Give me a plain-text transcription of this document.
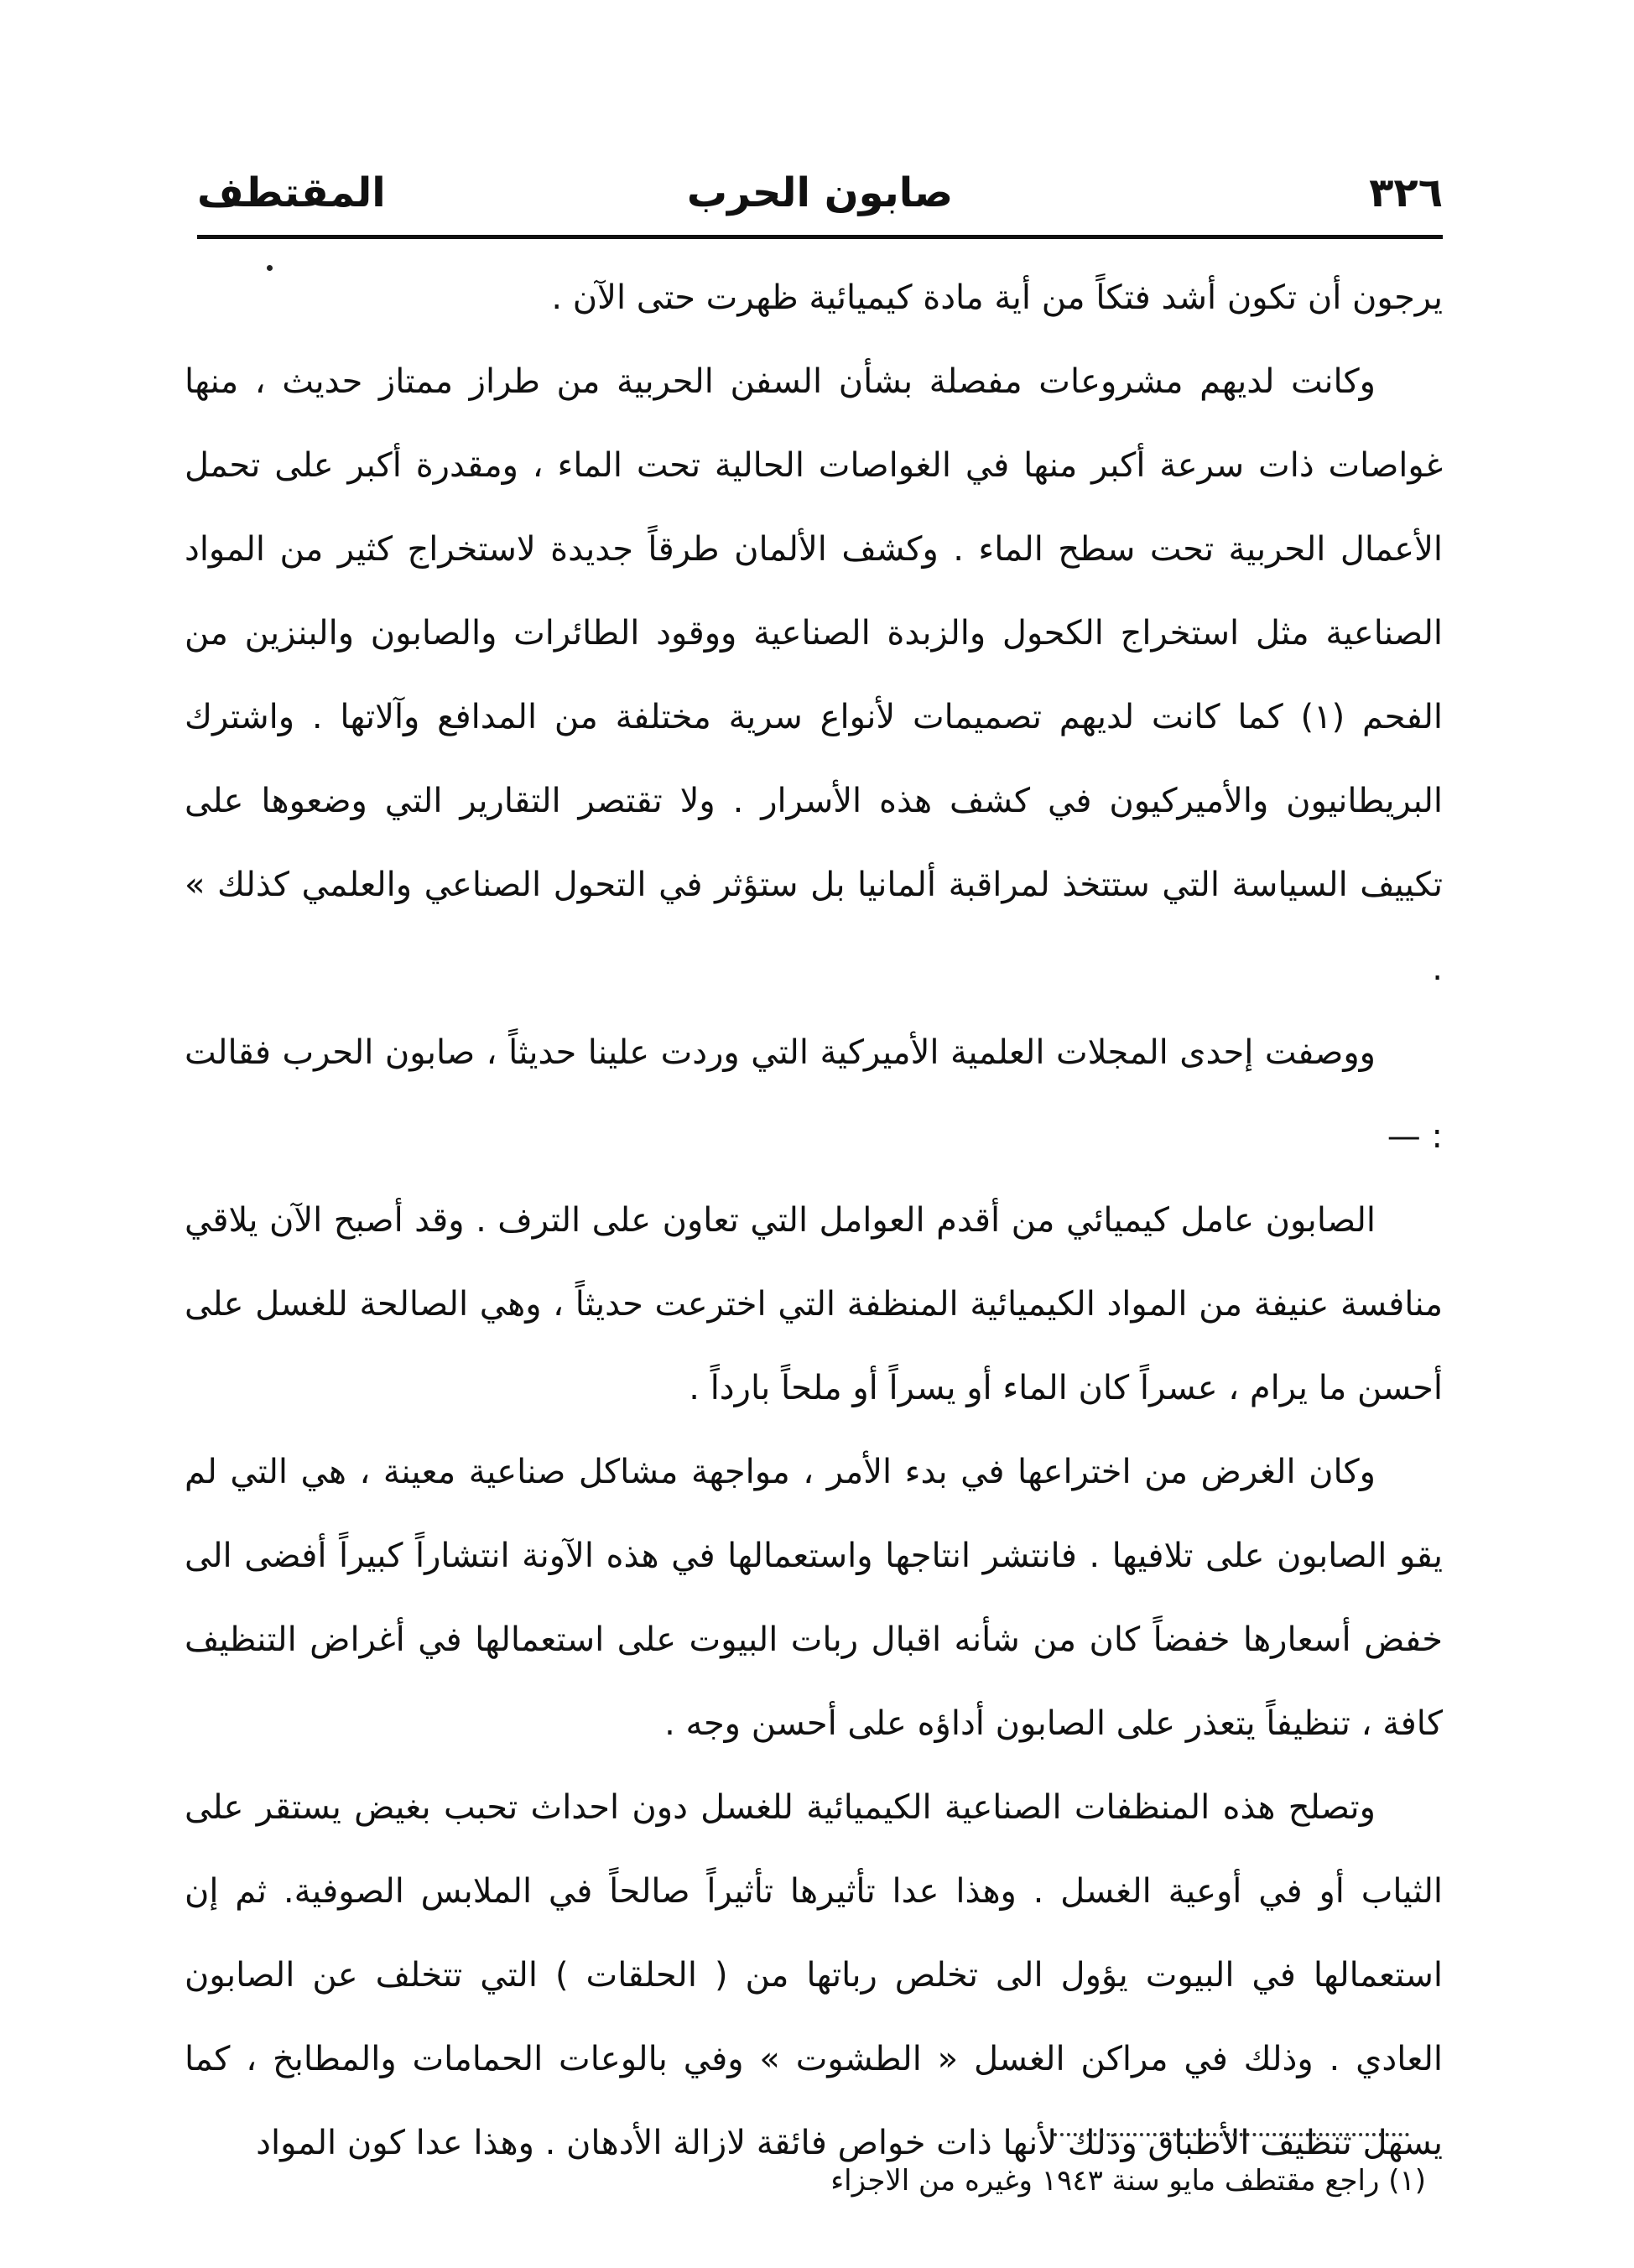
٣٢٦
صابون الحرب
المقتطف

يرجون أن تكون أشد فتكاً من أية مادة كيميائية ظهرت حتى الآن .

وكانت لديهم مشروعات مفصلة بشأن السفن الحربية من طراز ممتاز حديث ، منها غواصات ذات سرعة أكبر منها في الغواصات الحالية تحت الماء ، ومقدرة أكبر على تحمل الأعمال الحربية تحت سطح الماء . وكشف الألمان طرقاً جديدة لاستخراج كثير من المواد الصناعية مثل استخراج الكحول والزبدة الصناعية ووقود الطائرات والصابون والبنزين من الفحم (١) كما كانت لديهم تصميمات لأنواع سرية مختلفة من المدافع وآلاتها . واشترك البريطانيون والأميركيون في كشف هذه الأسرار . ولا تقتصر التقارير التي وضعوها على تكييف السياسة التي ستتخذ لمراقبة ألمانيا بل ستؤثر في التحول الصناعي والعلمي كذلك » .

ووصفت إحدى المجلات العلمية الأميركية التي وردت علينا حديثاً ، صابون الحرب فقالت : —

الصابون عامل كيميائي من أقدم العوامل التي تعاون على الترف . وقد أصبح الآن يلاقي منافسة عنيفة من المواد الكيميائية المنظفة التي اخترعت حديثاً ، وهي الصالحة للغسل على أحسن ما يرام ، عسراً كان الماء أو يسراً أو ملحاً بارداً .

وكان الغرض من اختراعها في بدء الأمر ، مواجهة مشاكل صناعية معينة ، هي التي لم يقو الصابون على تلافيها . فانتشر انتاجها واستعمالها في هذه الآونة انتشاراً كبيراً أفضى الى خفض أسعارها خفضاً كان من شأنه اقبال ربات البيوت على استعمالها في أغراض التنظيف كافة ، تنظيفاً يتعذر على الصابون أداؤه على أحسن وجه .

وتصلح هذه المنظفات الصناعية الكيميائية للغسل دون احداث تحبب بغيض يستقر على الثياب أو في أوعية الغسل . وهذا عدا تأثيرها تأثيراً صالحاً في الملابس الصوفية. ثم إن استعمالها في البيوت يؤول الى تخلص رباتها من ( الحلقات ) التي تتخلف عن الصابون العادي . وذلك في مراكن الغسل « الطشوت » وفي بالوعات الحمامات والمطابخ ، كما يسهل تنظيف الأطباق وذلك لأنها ذات خواص فائقة لازالة الأدهان . وهذا عدا كون المواد

(١) راجع مقتطف مايو سنة ١٩٤٣ وغيره من الاجزاء
